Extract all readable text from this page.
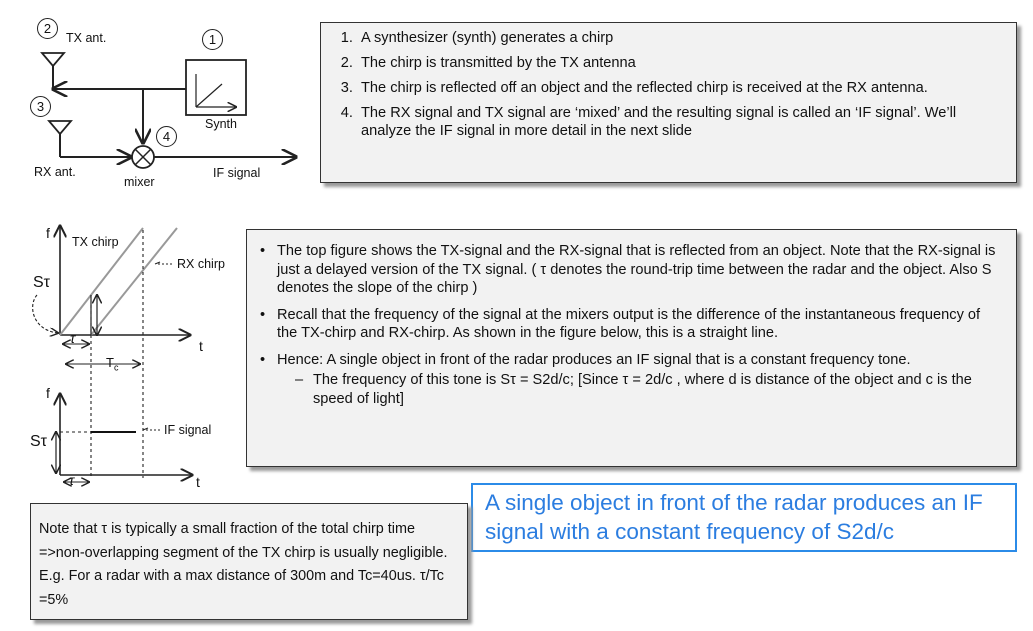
2
TX ant.	1
3
Synth
4
RX ant.
mixer
IF signal
1. A synthesizer (synth) generates a chirp
2. The chirp is transmitted by the TX antenna
3. The chirp is reflected off an object and the reflected chirp is received at the RX antenna.
4. The RX signal and TX signal are ‘mixed’ and the resulting signal is called an ‘IF signal’. We’ll analyze the IF signal in more detail in the next slide
f
TX chirp
RX chirp
Sτ
t
τ
$T_c$
f
IF signal
Sτ
t
τ
• The top figure shows the TX-signal and the RX-signal that is reflected from an object. Note that the RX-signal is just a delayed version of the TX signal. ( τ denotes the round-trip time between the radar and the object. Also S denotes the slope of the chirp )
• Recall that the frequency of the signal at the mixers output is the difference of the instantaneous frequency of the TX-chirp and RX-chirp. As shown in the figure below, this is a straight line.
• Hence: A single object in front of the radar produces an IF signal that is a constant frequency tone.
– The frequency of this tone is Sτ = S2d/c; [Since τ = 2d/c , where d is distance of the object and c is the speed of light]
A single object in front of the radar produces an IF signal with a constant frequency of S2d/c
Note that τ is typically a small fraction of the total chirp time =>non-overlapping segment of the TX chirp is usually negligible. E.g. For a radar with a max distance of 300m and Tc=40us. τ/Tc =5%
